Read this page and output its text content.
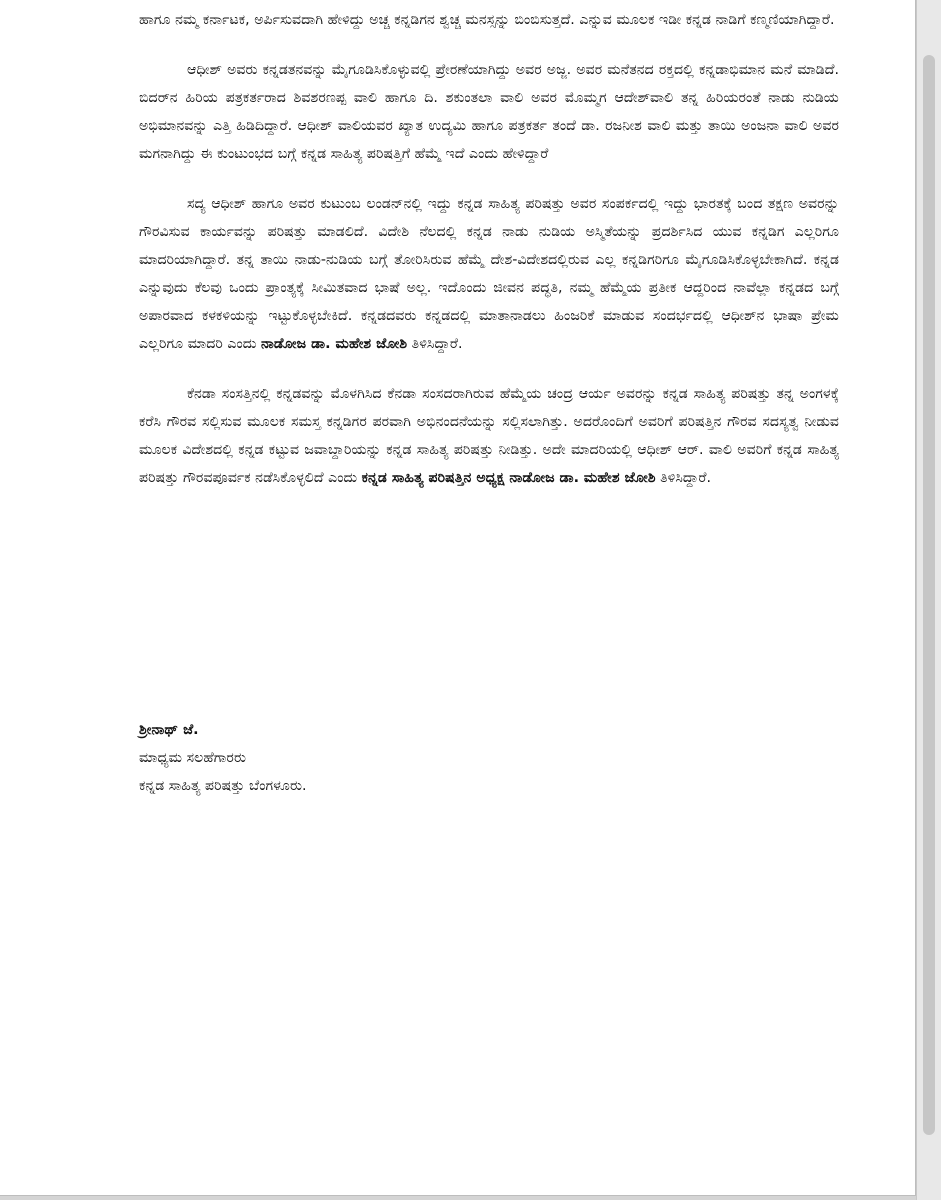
ಹಾಗೂ ನಮ್ಮ ಕರ್ನಾಟಕ, ಅರ್ಪಿಸುವದಾಗಿ ಹೇಳಿದ್ದು ಅಚ್ಚ ಕನ್ನಡಿಗನ ಶ್ವಚ್ಚ ಮನಸ್ಸನ್ನು ಬಿಂಬಿಸುತ್ತದೆ. ಎನ್ನುವ ಮೂಲಕ ಇಡೀ ಕನ್ನಡ ನಾಡಿಗೆ ಕಣ್ಮಣಿಯಾಗಿದ್ದಾರೆ.

ಆಧೀಶ್ ಅವರು ಕನ್ನಡತನವನ್ನು ಮೈಗೂಡಿಸಿಕೊಳ್ಳುವಲ್ಲಿ ಪ್ರೇರಣೆಯಾಗಿದ್ದು ಅವರ ಅಜ್ಜ. ಅವರ ಮನೆತನದ ರಕ್ತದಲ್ಲಿ ಕನ್ನಡಾಭಿಮಾನ ಮನೆ ಮಾಡಿದೆ. ಬಿದರ್‌ನ ಹಿರಿಯ ಪತ್ರಕರ್ತರಾದ ಶಿವಶರಣಪ್ಪ ವಾಲಿ ಹಾಗೂ ದಿ. ಶಕುಂತಲಾ ವಾಲಿ ಅವರ ಮೊಮ್ಮಗ ಆದೇಶ್‌ವಾಲಿ ತನ್ನ ಹಿರಿಯರಂತೆ ನಾಡು ನುಡಿಯ ಅಭಿಮಾನವನ್ನು ಎತ್ತಿ ಹಿಡಿದಿದ್ದಾರೆ. ಆಧೀಶ್ ವಾಲಿಯವರ ಖ್ಯಾತ ಉದ್ಯಮಿ ಹಾಗೂ ಪತ್ರಕರ್ತ ತಂದೆ ಡಾ. ರಜನೀಶ ವಾಲಿ ಮತ್ತು ತಾಯಿ ಅಂಜನಾ ವಾಲಿ ಅವರ ಮಗನಾಗಿದ್ದು ಈ ಕುಂಟುಂಭದ ಬಗ್ಗೆ ಕನ್ನಡ ಸಾಹಿತ್ಯ ಪರಿಷತ್ತಿಗೆ ಹೆಮ್ಮೆ ಇದೆ ಎಂದು ಹೇಳಿದ್ದಾರೆ

ಸದ್ಯ ಆಧೀಶ್ ಹಾಗೂ ಅವರ ಕುಟುಂಬ ಲಂಡನ್‌ನಲ್ಲಿ ಇದ್ದು ಕನ್ನಡ ಸಾಹಿತ್ಯ ಪರಿಷತ್ತು ಅವರ ಸಂಪರ್ಕದಲ್ಲಿ ಇದ್ದು ಭಾರತಕ್ಕೆ ಬಂದ ತಕ್ಷಣ ಅವರನ್ನು ಗೌರವಿಸುವ ಕಾರ್ಯವನ್ನು ಪರಿಷತ್ತು ಮಾಡಲಿದೆ. ವಿದೇಶಿ ನೆಲದಲ್ಲಿ ಕನ್ನಡ ನಾಡು ನುಡಿಯ ಅಸ್ಮಿತೆಯನ್ನು ಪ್ರದರ್ಶಿಸಿದ ಯುವ ಕನ್ನಡಿಗ ಎಲ್ಲರಿಗೂ ಮಾದರಿಯಾಗಿದ್ದಾರೆ. ತನ್ನ ತಾಯಿ ನಾಡು-ನುಡಿಯ ಬಗ್ಗೆ ತೋರಿಸಿರುವ ಹೆಮ್ಮೆ ದೇಶ-ವಿದೇಶದಲ್ಲಿರುವ ಎಲ್ಲ ಕನ್ನಡಿಗರಿಗೂ ಮೈಗೂಡಿಸಿಕೊಳ್ಳಬೇಕಾಗಿದೆ. ಕನ್ನಡ ಎನ್ನುವುದು ಕೆಲವು ಒಂದು ಪ್ರಾಂತ್ಯಕ್ಕೆ ಸೀಮಿತವಾದ ಭಾಷೆ ಅಲ್ಲ. ಇದೊಂದು ಜೀವನ ಪದ್ಧತಿ, ನಮ್ಮ ಹೆಮ್ಮೆಯ ಪ್ರತೀಕ ಆದ್ದರಿಂದ ನಾವೆಲ್ಲಾ ಕನ್ನಡದ ಬಗ್ಗೆ ಅಪಾರವಾದ ಕಳಕಳಿಯನ್ನು ಇಟ್ಟುಕೊಳ್ಳಬೇಕಿದೆ. ಕನ್ನಡದವರು ಕನ್ನಡದಲ್ಲಿ ಮಾತಾನಾಡಲು ಹಿಂಜರಿಕೆ ಮಾಡುವ ಸಂದರ್ಭದಲ್ಲಿ ಆಧೀಶ್‌ನ ಭಾಷಾ ಪ್ರೇಮ ಎಲ್ಲರಿಗೂ ಮಾದರಿ ಎಂದು ನಾಡೋಜ ಡಾ. ಮಹೇಶ ಜೋಶಿ ತಿಳಿಸಿದ್ದಾರೆ.

ಕೆನಡಾ ಸಂಸತ್ತಿನಲ್ಲಿ ಕನ್ನಡವನ್ನು ಮೊಳಗಿಸಿದ ಕೆನಡಾ ಸಂಸದರಾಗಿರುವ ಹೆಮ್ಮೆಯ ಚಂದ್ರ ಆರ್ಯ ಅವರನ್ನು ಕನ್ನಡ ಸಾಹಿತ್ಯ ಪರಿಷತ್ತು ತನ್ನ ಅಂಗಳಕ್ಕೆ ಕರೆಸಿ ಗೌರವ ಸಲ್ಲಿಸುವ ಮೂಲಕ ಸಮಸ್ತ ಕನ್ನಡಿಗರ ಪರವಾಗಿ ಅಭಿನಂದನೆಯನ್ನು ಸಲ್ಲಿಸಲಾಗಿತ್ತು. ಅದರೊಂದಿಗೆ ಅವರಿಗೆ ಪರಿಷತ್ತಿನ ಗೌರವ ಸದಸ್ಯತ್ವ ನೀಡುವ ಮೂಲಕ ವಿದೇಶದಲ್ಲಿ ಕನ್ನಡ ಕಟ್ಟುವ ಜವಾಬ್ದಾರಿಯನ್ನು ಕನ್ನಡ ಸಾಹಿತ್ಯ ಪರಿಷತ್ತು ನೀಡಿತ್ತು. ಅದೇ ಮಾದರಿಯಲ್ಲಿ ಆಧೀಶ್ ಆರ್. ವಾಲಿ ಅವರಿಗೆ ಕನ್ನಡ ಸಾಹಿತ್ಯ ಪರಿಷತ್ತು ಗೌರವಪೂರ್ವಕ ನಡೆಸಿಕೊಳ್ಳಲಿದೆ ಎಂದು ಕನ್ನಡ ಸಾಹಿತ್ಯ ಪರಿಷತ್ತಿನ ಅಧ್ಯಕ್ಷ ನಾಡೋಜ ಡಾ. ಮಹೇಶ ಜೋಶಿ ತಿಳಿಸಿದ್ದಾರೆ.

ಶ್ರೀನಾಥ್ ಜೆ.
ಮಾಧ್ಯಮ ಸಲಹೆಗಾರರು
ಕನ್ನಡ ಸಾಹಿತ್ಯ ಪರಿಷತ್ತು ಬೆಂಗಳೂರು.
